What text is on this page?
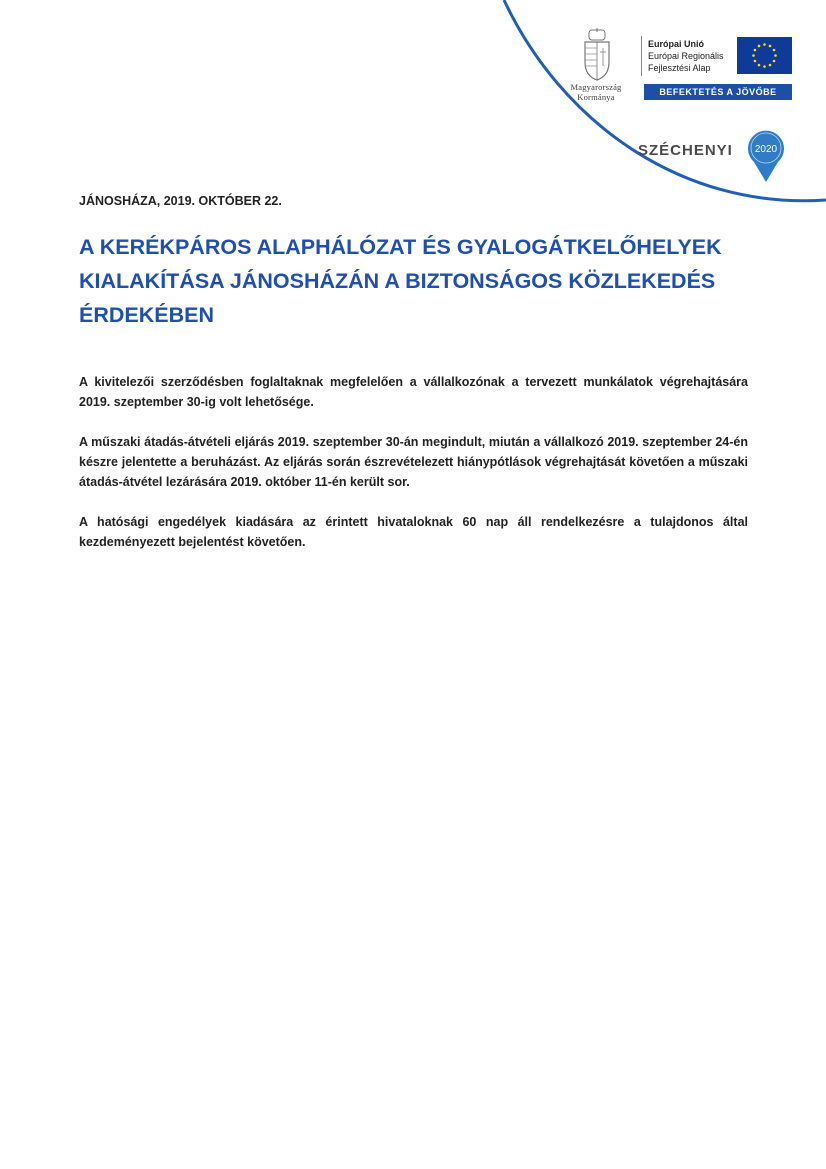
Magyarország
Kormánya
Európai Unió
Európai Regionális
Fejlesztési Alap
BEFEKTETÉS A JÖVŐBE
SZÉCHENYI 2020
JÁNOSHÁZA, 2019. OKTÓBER 22.
A KERÉKPÁROS ALAPHÁLÓZAT ÉS GYALOGÁTKELŐHELYEK KIALAKÍTÁSA JÁNOSHÁZÁN A BIZTONSÁGOS KÖZLEKEDÉS ÉRDEKÉBEN

A kivitelezői szerződésben foglaltaknak megfelelően a vállalkozónak a tervezett munkálatok végrehajtására 2019. szeptember 30-ig volt lehetősége.

A műszaki átadás-átvételi eljárás 2019. szeptember 30-án megindult, miután a vállalkozó 2019. szeptember 24-én készre jelentette a beruházást. Az eljárás során észrevételezett hiánypótlások végrehajtását követően a műszaki átadás-átvétel lezárására 2019. október 11-én került sor.

A hatósági engedélyek kiadására az érintett hivataloknak 60 nap áll rendelkezésre a tulajdonos által kezdeményezett bejelentést követően.
